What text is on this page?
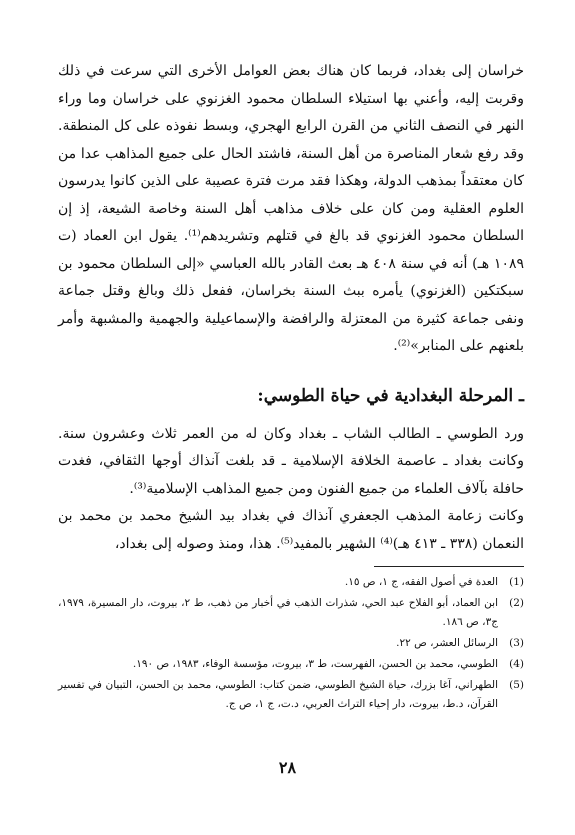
خراسان إلى بغداد، فربما كان هناك بعض العوامل الأخرى التي سرعت في ذلك وقربت إليه، وأعني بها استيلاء السلطان محمود الغزنوي على خراسان وما وراء النهر في النصف الثاني من القرن الرابع الهجري، وبسط نفوذه على كل المنطقة. وقد رفع شعار المناصرة من أهل السنة، فاشتد الحال على جميع المذاهب عدا من كان معتقداً بمذهب الدولة، وهكذا فقد مرت فترة عصيبة على الذين كانوا يدرسون العلوم العقلية ومن كان على خلاف مذاهب أهل السنة وخاصة الشيعة، إذ إن السلطان محمود الغزنوي قد بالغ في قتلهم وتشريدهم⁽¹⁾. يقول ابن العماد (ت ١٠٨٩ هـ) أنه في سنة ٤٠٨ هـ بعث القادر بالله العباسي «إلى السلطان محمود بن سبكتكين (الغزنوي) يأمره ببث السنة بخراسان، ففعل ذلك وبالغ وقتل جماعة ونفى جماعة كثيرة من المعتزلة والرافضة والإسماعيلية والجهمية والمشبهة وأمر بلعنهم على المنابر»⁽²⁾.

ـ المرحلة البغدادية في حياة الطوسي:

ورد الطوسي ـ الطالب الشاب ـ بغداد وكان له من العمر ثلاث وعشرون سنة. وكانت بغداد ـ عاصمة الخلافة الإسلامية ـ قد بلغت آنذاك أوجها الثقافي، فغدت حافلة بآلاف العلماء من جميع الفنون ومن جميع المذاهب الإسلامية⁽³⁾.

وكانت زعامة المذهب الجعفري آنذاك في بغداد بيد الشيخ محمد بن محمد بن النعمان (٣٣٨ ـ ٤١٣ هـ)⁽⁴⁾ الشهير بالمفيد⁽⁵⁾. هذا، ومنذ وصوله إلى بغداد،

(1)
العدة في أصول الفقه، ج ١، ص ١٥.
(2)
ابن العماد، أبو الفلاح عبد الحي، شذرات الذهب في أخبار من ذهب، ط ٢، بيروت، دار المسيرة، ١٩٧٩، ج٣، ص ١٨٦.
(3)
الرسائل العشر، ص ٢٢.
(4)
الطوسي، محمد بن الحسن، الفهرست، ط ٣، بيروت، مؤسسة الوفاء، ١٩٨٣، ص ١٩٠.
(5)
الطهراني، آغا بزرك، حياة الشيخ الطوسي، ضمن كتاب: الطوسي، محمد بن الحسن، التبيان في تفسير القرآن، د.ط، بيروت، دار إحياء التراث العربي، د.ت، ج ١، ص ج.
٢٨
